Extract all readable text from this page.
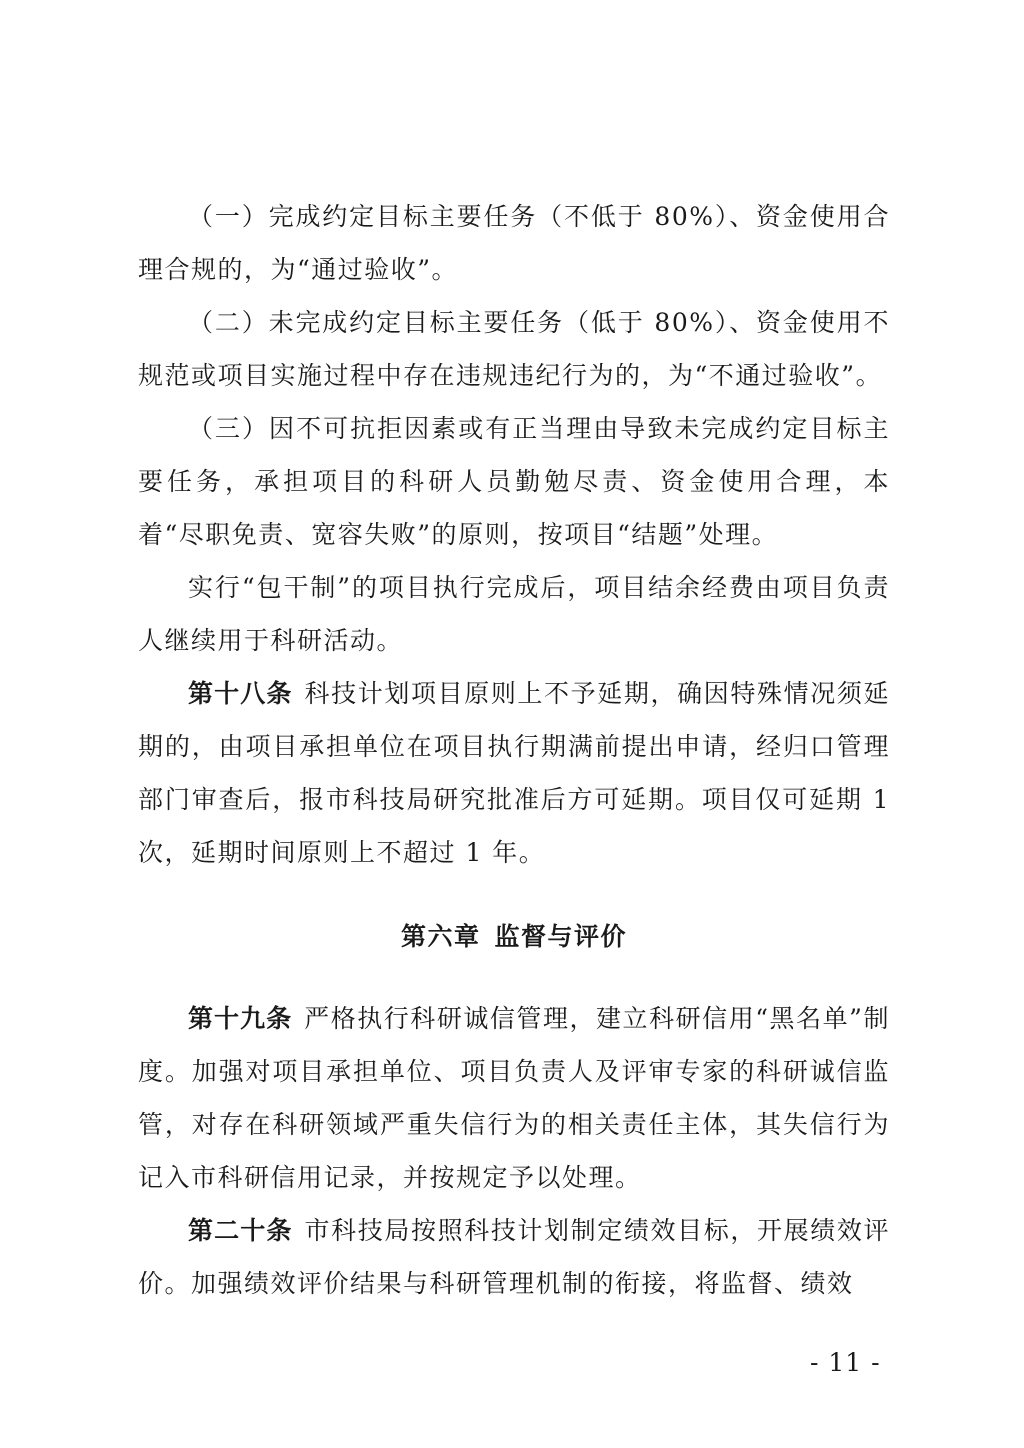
（一）完成约定目标主要任务（不低于 80%）、资金使用合理合规的，为“通过验收”。

（二）未完成约定目标主要任务（低于 80%）、资金使用不规范或项目实施过程中存在违规违纪行为的，为“不通过验收”。

（三）因不可抗拒因素或有正当理由导致未完成约定目标主要任务，承担项目的科研人员勤勉尽责、资金使用合理，本着“尽职免责、宽容失败”的原则，按项目“结题”处理。

实行“包干制”的项目执行完成后，项目结余经费由项目负责人继续用于科研活动。

第十八条 科技计划项目原则上不予延期，确因特殊情况须延期的，由项目承担单位在项目执行期满前提出申请，经归口管理部门审查后，报市科技局研究批准后方可延期。项目仅可延期 1 次，延期时间原则上不超过 1 年。

第六章 监督与评价

第十九条 严格执行科研诚信管理，建立科研信用“黑名单”制度。加强对项目承担单位、项目负责人及评审专家的科研诚信监管，对存在科研领域严重失信行为的相关责任主体，其失信行为记入市科研信用记录，并按规定予以处理。

第二十条 市科技局按照科技计划制定绩效目标，开展绩效评价。加强绩效评价结果与科研管理机制的衔接，将监督、绩效

- 11 -
